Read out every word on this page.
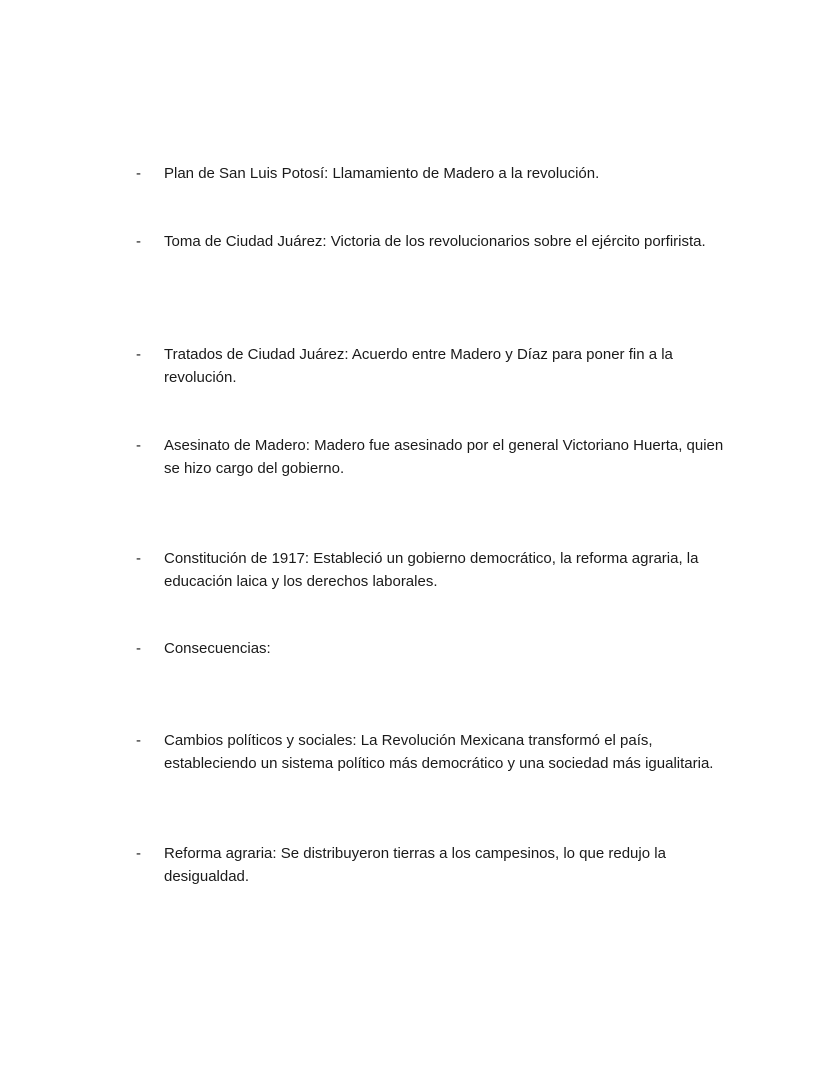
-	Plan de San Luis Potosí: Llamamiento de Madero a la revolución.
-	Toma de Ciudad Juárez: Victoria de los revolucionarios sobre el ejército porfirista.
-	Tratados de Ciudad Juárez: Acuerdo entre Madero y Díaz para poner fin a la revolución.
-	Asesinato de Madero: Madero fue asesinado por el general Victoriano Huerta, quien se hizo cargo del gobierno.
-	Constitución de 1917: Estableció un gobierno democrático, la reforma agraria, la educación laica y los derechos laborales.
-	Consecuencias:
-	Cambios políticos y sociales: La Revolución Mexicana transformó el país, estableciendo un sistema político más democrático y una sociedad más igualitaria.
-	Reforma agraria: Se distribuyeron tierras a los campesinos, lo que redujo la desigualdad.
